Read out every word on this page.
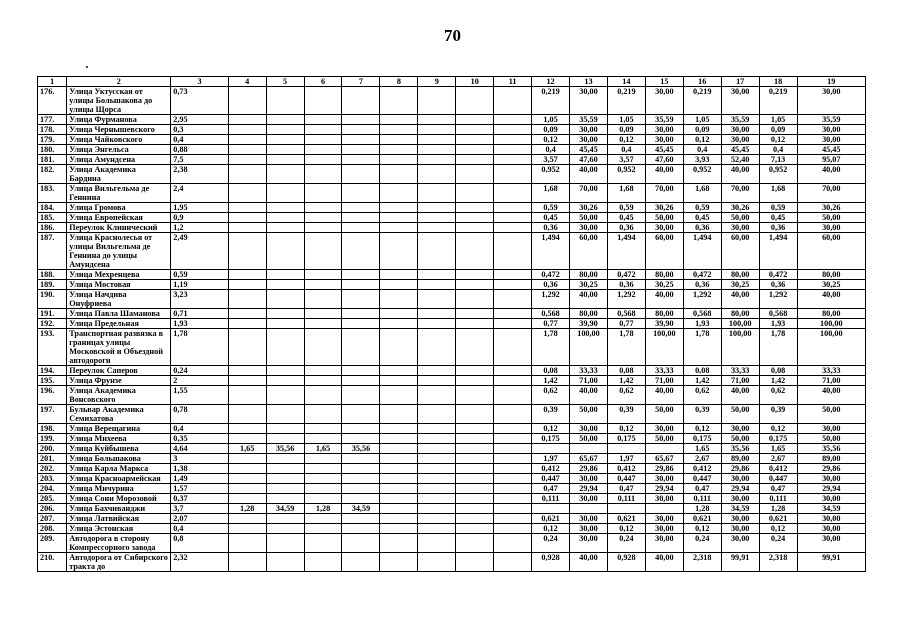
70
1	2	3	4	5	6	7	8	9	10	11	12	13	14	15	16	17	18	19
176.	Улица Уктусская от улицы Большакова до улицы Щорса	0,73									0,219	30,00	0,219	30,00	0,219	30,00	0,219	30,00
177.	Улица Фурманова	2,95									1,05	35,59	1,05	35,59	1,05	35,59	1,05	35,59
178.	Улица Чернышевского	0,3									0,09	30,00	0,09	30,00	0,09	30,00	0,09	30,00
179.	Улица Чайковского	0,4									0,12	30,00	0,12	30,00	0,12	30,00	0,12	30,00
180.	Улица Энгельса	0,88									0,4	45,45	0,4	45,45	0,4	45,45	0,4	45,45
181.	Улица Амундсена	7,5									3,57	47,60	3,57	47,60	3,93	52,40	7,13	95,07
182.	Улица Академика Бардина	2,38									0,952	40,00	0,952	40,00	0,952	40,00	0,952	40,00
183.	Улица Вильгельма де Геннина	2,4									1,68	70,00	1,68	70,00	1,68	70,00	1,68	70,00
184.	Улица Громова	1,95									0,59	30,26	0,59	30,26	0,59	30,26	0,59	30,26
185.	Улица Европейская	0,9									0,45	50,00	0,45	50,00	0,45	50,00	0,45	50,00
186.	Переулок Клинический	1,2									0,36	30,00	0,36	30,00	0,36	30,00	0,36	30,00
187.	Улица Краснолесья от улицы Вильгельма де Геннина до улицы Амундсена	2,49									1,494	60,00	1,494	60,00	1,494	60,00	1,494	60,00
188.	Улица Мехренцева	0,59									0,472	80,00	0,472	80,00	0,472	80,00	0,472	80,00
189.	Улица Мостовая	1,19									0,36	30,25	0,36	30,25	0,36	30,25	0,36	30,25
190.	Улица Начдива Онуфриева	3,23									1,292	40,00	1,292	40,00	1,292	40,00	1,292	40,00
191.	Улица Павла Шаманова	0,71									0,568	80,00	0,568	80,00	0,568	80,00	0,568	80,00
192.	Улица Предельная	1,93									0,77	39,90	0,77	39,90	1,93	100,00	1,93	100,00
193.	Транспортная развязка в границах улицы Московской и Объездной автодороги	1,78									1,78	100,00	1,78	100,00	1,78	100,00	1,78	100,00
194.	Переулок Саперов	0,24									0,08	33,33	0,08	33,33	0,08	33,33	0,08	33,33
195.	Улица Фрунзе	2									1,42	71,00	1,42	71,00	1,42	71,00	1,42	71,00
196.	Улица Академика Вонсовского	1,55									0,62	40,00	0,62	40,00	0,62	40,00	0,62	40,00
197.	Бульвар Академика Семихатова	0,78									0,39	50,00	0,39	50,00	0,39	50,00	0,39	50,00
198.	Улица Верещагина	0,4									0,12	30,00	0,12	30,00	0,12	30,00	0,12	30,00
199.	Улица Михеева	0,35									0,175	50,00	0,175	50,00	0,175	50,00	0,175	50,00
200.	Улица Куйбышева	4,64	1,65	35,56	1,65	35,56									1,65	35,56	1,65	35,56
201.	Улица Большакова	3									1,97	65,67	1,97	65,67	2,67	89,00	2,67	89,00
202.	Улица Карла Маркса	1,38									0,412	29,86	0,412	29,86	0,412	29,86	0,412	29,86
203.	Улица Красноармейская	1,49									0,447	30,00	0,447	30,00	0,447	30,00	0,447	30,00
204.	Улица Мичурина	1,57									0,47	29,94	0,47	29,94	0,47	29,94	0,47	29,94
205.	Улица Сони Морозовой	0,37									0,111	30,00	0,111	30,00	0,111	30,00	0,111	30,00
206.	Улица Бахчиванджи	3,7	1,28	34,59	1,28	34,59									1,28	34,59	1,28	34,59
207.	Улица Латвийская	2,07									0,621	30,00	0,621	30,00	0,621	30,00	0,621	30,00
208.	Улица Эстонская	0,4									0,12	30,00	0,12	30,00	0,12	30,00	0,12	30,00
209.	Автодорога в сторону Компрессорного завода	0,8									0,24	30,00	0,24	30,00	0,24	30,00	0,24	30,00
210.	Автодорога от Сибирского тракта до	2,32									0,928	40,00	0,928	40,00	2,318	99,91	2,318	99,91
